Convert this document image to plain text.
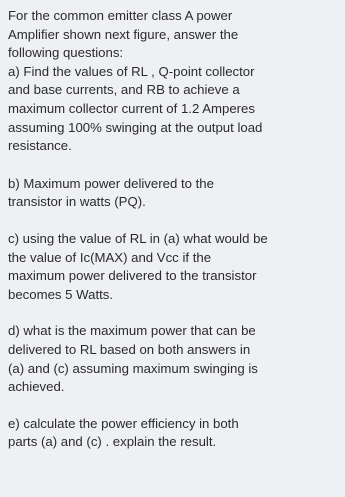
For the common emitter class A power
Amplifier shown next figure, answer the
following questions:
a) Find the values of RL , Q-point collector
and base currents, and RB to achieve a
maximum collector current of 1.2 Amperes
assuming 100% swinging at the output load
resistance.
b) Maximum power delivered to the
transistor in watts (PQ).
c) using the value of RL in (a) what would be
the value of Ic(MAX) and Vcc if the
maximum power delivered to the transistor
becomes 5 Watts.
d) what is the maximum power that can be
delivered to RL based on both answers in
(a) and (c) assuming maximum swinging is
achieved.
e) calculate the power efficiency in both
parts (a) and (c) . explain the result.
